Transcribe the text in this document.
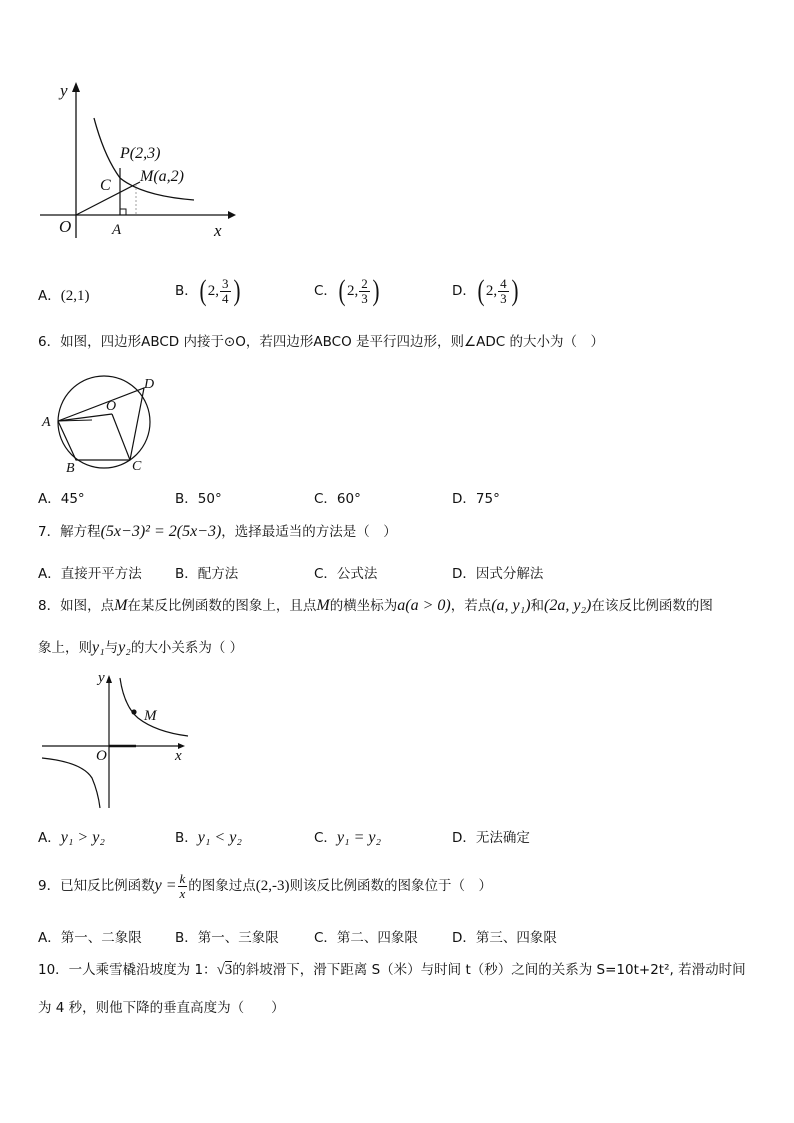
y
x
O
P(2,3)
M(a,2)
C
A
A．(2,1)	B．( 2, $\frac{3}{4}$ )	C．( 2, $\frac{2}{3}$ )	D．( 2, $\frac{4}{3}$ )
6．如图，四边形ABCD 内接于⊙O，若四边形ABCO 是平行四边形，则∠ADC 的大小为（　）
A
B	C
D
O
A．45°	B．50°	C．60°	D．75°
7．解方程(5x−3)² = 2(5x−3)，选择最适当的方法是（　）
A．直接开平方法 B．配方法	C．公式法	D．因式分解法
8．如图，点M在某反比例函数的图象上，且点M的横坐标为a(a > 0)，若点(a, y₁)和(2a, y₂)在该反比例函数的图
象上，则y₁与y₂的大小关系为（ ）
y
x
O
M
A．y₁ > y₂	B．y₁ < y₂	C．y₁ = y₂	D．无法确定
9．已知反比例函数$y = \frac{k}{x}$ 的图象过点(2,-3)则该反比例函数的图象位于（　）
A．第一、二象限 B．第一、三象限	C．第二、四象限	D．第三、四象限
10．一人乘雪橇沿坡度为 1：√3的斜坡滑下，滑下距离 S（米）与时间 t（秒）之间的关系为 S=10t+2t², 若滑动时间
为 4 秒，则他下降的垂直高度为（　　）
